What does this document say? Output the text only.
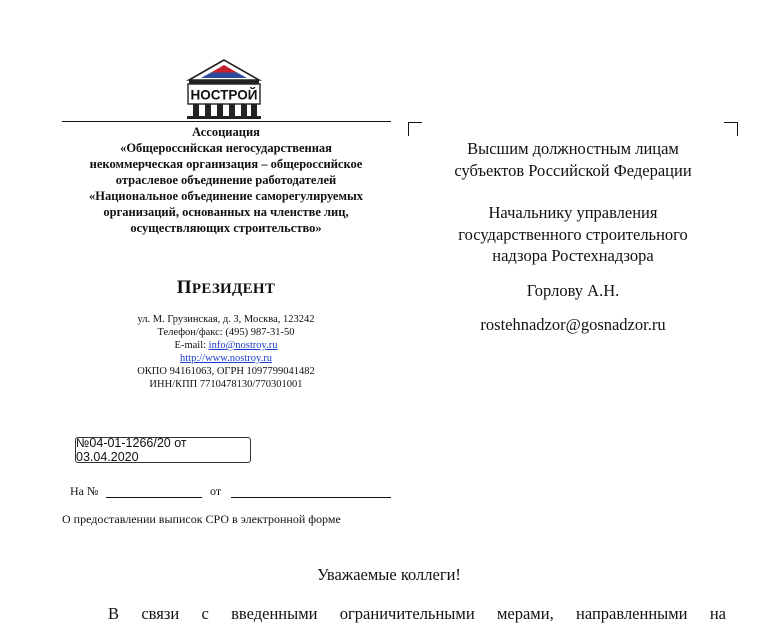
НОСТРОЙ
Ассоциация
«Общероссийская негосударственная
некоммерческая организация – общероссийское
отраслевое объединение работодателей
«Национальное объединение саморегулируемых
организаций, основанных на членстве лиц,
осуществляющих строительство»
ПРЕЗИДЕНТ
ул. М. Грузинская, д. 3, Москва, 123242
Телефон/факс: (495) 987-31-50
E-mail: info@nostroy.ru
http://www.nostroy.ru
ОКПО 94161063, ОГРН 1097799041482
ИНН/КПП 7710478130/770301001
№04-01-1266/20 от 03.04.2020
На №	от
О предоставлении выписок СРО в электронной форме

Высшим должностным лицам

субъектов Российской Федерации

Начальнику управления

государственного строительного

надзора Ростехнадзора

Горлову А.Н.

rostehnadzor@gosnadzor.ru

Уважаемые коллеги!
В связи с введенными ограничительными мерами, направленными на
